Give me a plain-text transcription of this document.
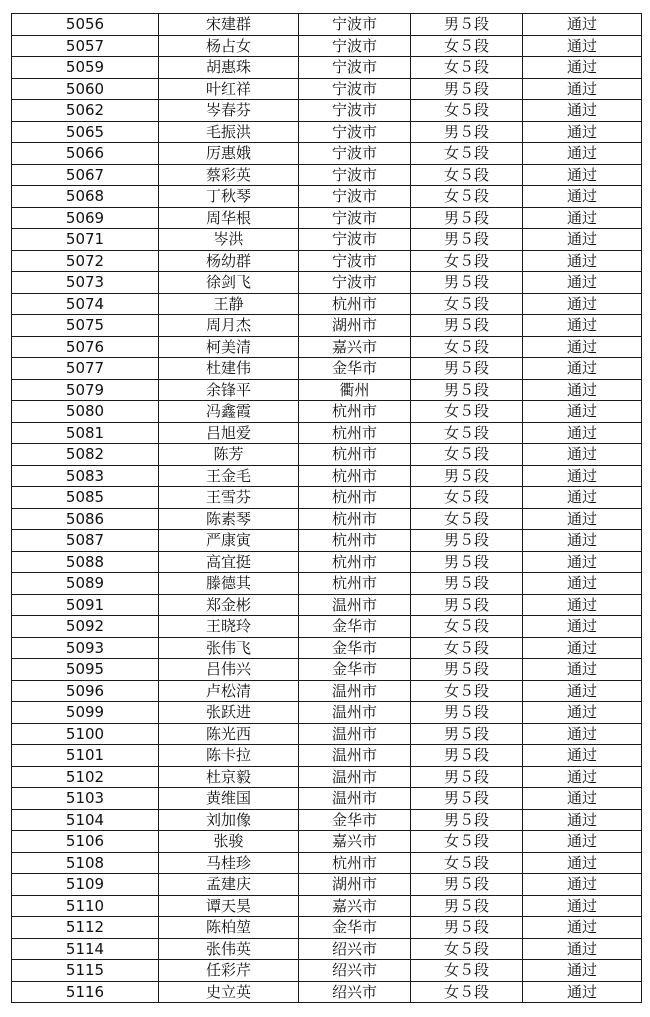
5056	宋建群	宁波市	男５段	通过
5057	杨占女	宁波市	女５段	通过
5059	胡惠珠	宁波市	女５段	通过
5060	叶红祥	宁波市	男５段	通过
5062	岑春芬	宁波市	女５段	通过
5065	毛振洪	宁波市	男５段	通过
5066	厉惠娥	宁波市	女５段	通过
5067	蔡彩英	宁波市	女５段	通过
5068	丁秋琴	宁波市	女５段	通过
5069	周华根	宁波市	男５段	通过
5071	岑洪	宁波市	男５段	通过
5072	杨幼群	宁波市	女５段	通过
5073	徐剑飞	宁波市	男５段	通过
5074	王静	杭州市	女５段	通过
5075	周月杰	湖州市	男５段	通过
5076	柯美清	嘉兴市	女５段	通过
5077	杜建伟	金华市	男５段	通过
5079	余锋平	衢州	男５段	通过
5080	冯鑫霞	杭州市	女５段	通过
5081	吕旭爱	杭州市	女５段	通过
5082	陈芳	杭州市	女５段	通过
5083	王金毛	杭州市	男５段	通过
5085	王雪芬	杭州市	女５段	通过
5086	陈素琴	杭州市	女５段	通过
5087	严康寅	杭州市	男５段	通过
5088	高宜挺	杭州市	男５段	通过
5089	滕德其	杭州市	男５段	通过
5091	郑金彬	温州市	男５段	通过
5092	王晓玲	金华市	女５段	通过
5093	张伟飞	金华市	女５段	通过
5095	吕伟兴	金华市	男５段	通过
5096	卢松清	温州市	女５段	通过
5099	张跃进	温州市	男５段	通过
5100	陈光西	温州市	男５段	通过
5101	陈卡拉	温州市	男５段	通过
5102	杜京毅	温州市	男５段	通过
5103	黄维国	温州市	男５段	通过
5104	刘加像	金华市	男５段	通过
5106	张骏	嘉兴市	女５段	通过
5108	马桂珍	杭州市	女５段	通过
5109	孟建庆	湖州市	男５段	通过
5110	谭天昊	嘉兴市	男５段	通过
5112	陈柏堃	金华市	男５段	通过
5114	张伟英	绍兴市	女５段	通过
5115	任彩芹	绍兴市	女５段	通过
5116	史立英	绍兴市	女５段	通过
